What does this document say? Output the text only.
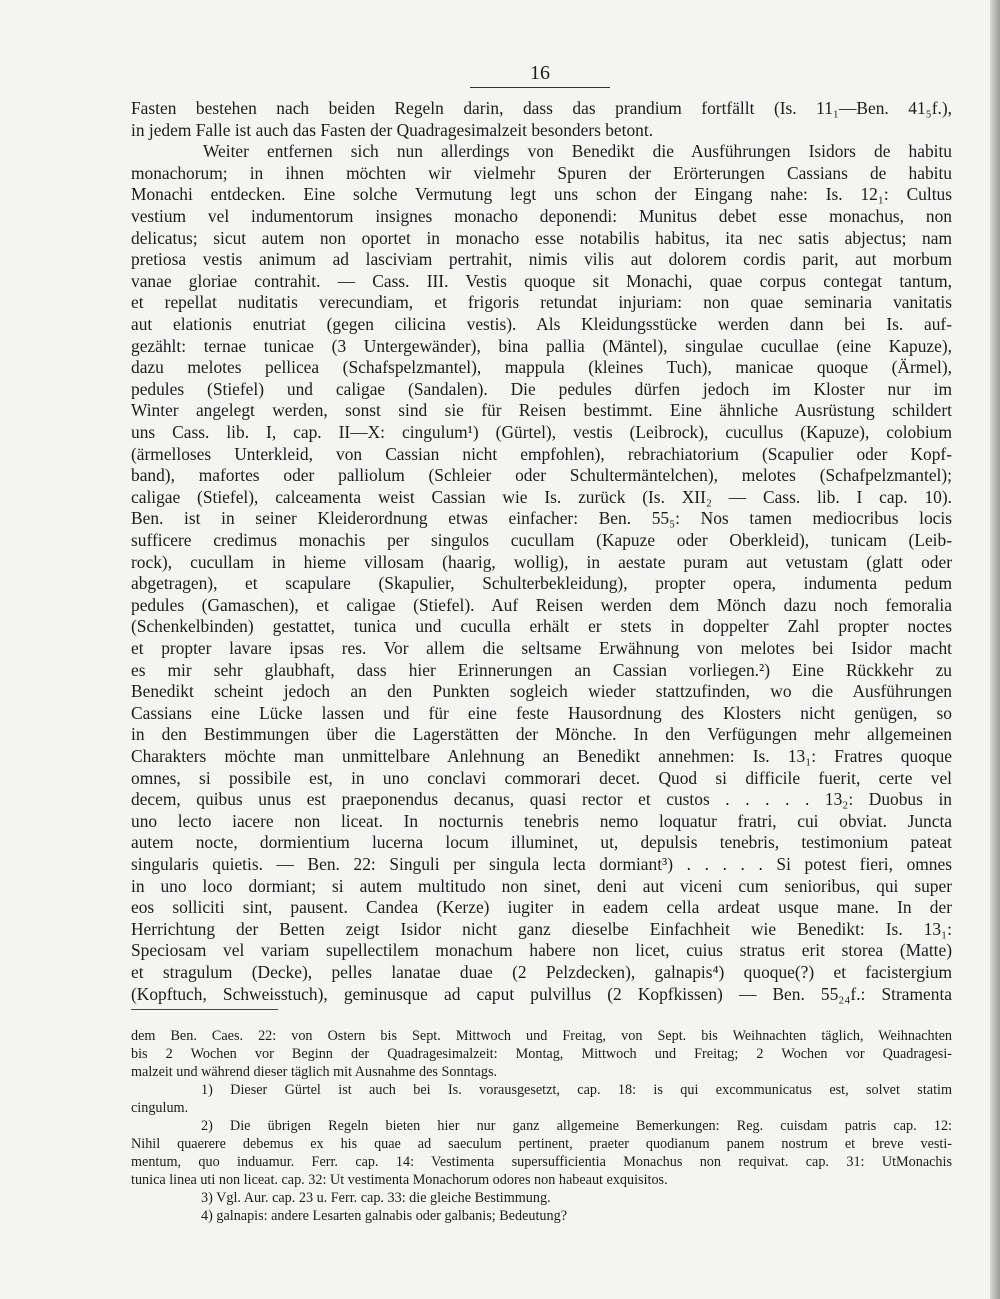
16
Fasten bestehen nach beiden Regeln darin, dass das prandium fortfällt (Is. 11₁—Ben. 41₅f.),
in jedem Falle ist auch das Fasten der Quadragesimalzeit besonders betont.
Weiter entfernen sich nun allerdings von Benedikt die Ausführungen Isidors de habitu
monachorum; in ihnen möchten wir vielmehr Spuren der Erörterungen Cassians de habitu
Monachi entdecken. Eine solche Vermutung legt uns schon der Eingang nahe: Is. 12₁: Cultus
vestium vel indumentorum insignes monacho deponendi: Munitus debet esse monachus, non
delicatus; sicut autem non oportet in monacho esse notabilis habitus, ita nec satis abjectus; nam
pretiosa vestis animum ad lasciviam pertrahit, nimis vilis aut dolorem cordis parit, aut morbum
vanae gloriae contrahit. — Cass. III. Vestis quoque sit Monachi, quae corpus contegat tantum,
et repellat nuditatis verecundiam, et frigoris retundat injuriam: non quae seminaria vanitatis
aut elationis enutriat (gegen cilicina vestis). Als Kleidungsstücke werden dann bei Is. auf-
gezählt: ternae tunicae (3 Untergewänder), bina pallia (Mäntel), singulae cucullae (eine Kapuze),
dazu melotes pellicea (Schafspelzmantel), mappula (kleines Tuch), manicae quoque (Ärmel),
pedules (Stiefel) und caligae (Sandalen). Die pedules dürfen jedoch im Kloster nur im
Winter angelegt werden, sonst sind sie für Reisen bestimmt. Eine ähnliche Ausrüstung schildert
uns Cass. lib. I, cap. II—X: cingulum¹) (Gürtel), vestis (Leibrock), cucullus (Kapuze), colobium
(ärmelloses Unterkleid, von Cassian nicht empfohlen), rebrachiatorium (Scapulier oder Kopf-
band), mafortes oder palliolum (Schleier oder Schultermäntelchen), melotes (Schafpelzmantel);
caligae (Stiefel), calceamenta weist Cassian wie Is. zurück (Is. XII₂ — Cass. lib. I cap. 10).
Ben. ist in seiner Kleiderordnung etwas einfacher: Ben. 55₅: Nos tamen mediocribus locis
sufficere credimus monachis per singulos cucullam (Kapuze oder Oberkleid), tunicam (Leib-
rock), cucullam in hieme villosam (haarig, wollig), in aestate puram aut vetustam (glatt oder
abgetragen), et scapulare (Skapulier, Schulterbekleidung), propter opera, indumenta pedum
pedules (Gamaschen), et caligae (Stiefel). Auf Reisen werden dem Mönch dazu noch femoralia
(Schenkelbinden) gestattet, tunica und cuculla erhält er stets in doppelter Zahl propter noctes
et propter lavare ipsas res. Vor allem die seltsame Erwähnung von melotes bei Isidor macht
es mir sehr glaubhaft, dass hier Erinnerungen an Cassian vorliegen.²) Eine Rückkehr zu
Benedikt scheint jedoch an den Punkten sogleich wieder stattzufinden, wo die Ausführungen
Cassians eine Lücke lassen und für eine feste Hausordnung des Klosters nicht genügen, so
in den Bestimmungen über die Lagerstätten der Mönche. In den Verfügungen mehr allgemeinen
Charakters möchte man unmittelbare Anlehnung an Benedikt annehmen: Is. 13₁: Fratres quoque
omnes, si possibile est, in uno conclavi commorari decet. Quod si difficile fuerit, certe vel
decem, quibus unus est praeponendus decanus, quasi rector et custos . . . . . 13₂: Duobus in
uno lecto iacere non liceat. In nocturnis tenebris nemo loquatur fratri, cui obviat. Juncta
autem nocte, dormientium lucerna locum illuminet, ut, depulsis tenebris, testimonium pateat
singularis quietis. — Ben. 22: Singuli per singula lecta dormiant³) . . . . . Si potest fieri, omnes
in uno loco dormiant; si autem multitudo non sinet, deni aut viceni cum senioribus, qui super
eos solliciti sint, pausent. Candea (Kerze) iugiter in eadem cella ardeat usque mane. In der
Herrichtung der Betten zeigt Isidor nicht ganz dieselbe Einfachheit wie Benedikt: Is. 13₁:
Speciosam vel variam supellectilem monachum habere non licet, cuius stratus erit storea (Matte)
et stragulum (Decke), pelles lanatae duae (2 Pelzdecken), galnapis⁴) quoque(?) et facistergium
(Kopftuch, Schweisstuch), geminusque ad caput pulvillus (2 Kopfkissen) — Ben. 55₂₄f.: Stramenta
dem Ben. Caes. 22: von Ostern bis Sept. Mittwoch und Freitag, von Sept. bis Weihnachten täglich, Weihnachten
bis 2 Wochen vor Beginn der Quadragesimalzeit: Montag, Mittwoch und Freitag; 2 Wochen vor Quadragesi-
malzeit und während dieser täglich mit Ausnahme des Sonntags.
1) Dieser Gürtel ist auch bei Is. vorausgesetzt, cap. 18: is qui excommunicatus est, solvet statim
cingulum.
2) Die übrigen Regeln bieten hier nur ganz allgemeine Bemerkungen: Reg. cuisdam patris cap. 12:
Nihil quaerere debemus ex his quae ad saeculum pertinent, praeter quodianum panem nostrum et breve vesti-
mentum, quo induamur. Ferr. cap. 14: Vestimenta supersufficientia Monachus non requivat. cap. 31: UtMonachis
tunica linea uti non liceat. cap. 32: Ut vestimenta Monachorum odores non habeaut exquisitos.
3) Vgl. Aur. cap. 23 u. Ferr. cap. 33: die gleiche Bestimmung.
4) galnapis: andere Lesarten galnabis oder galbanis; Bedeutung?
